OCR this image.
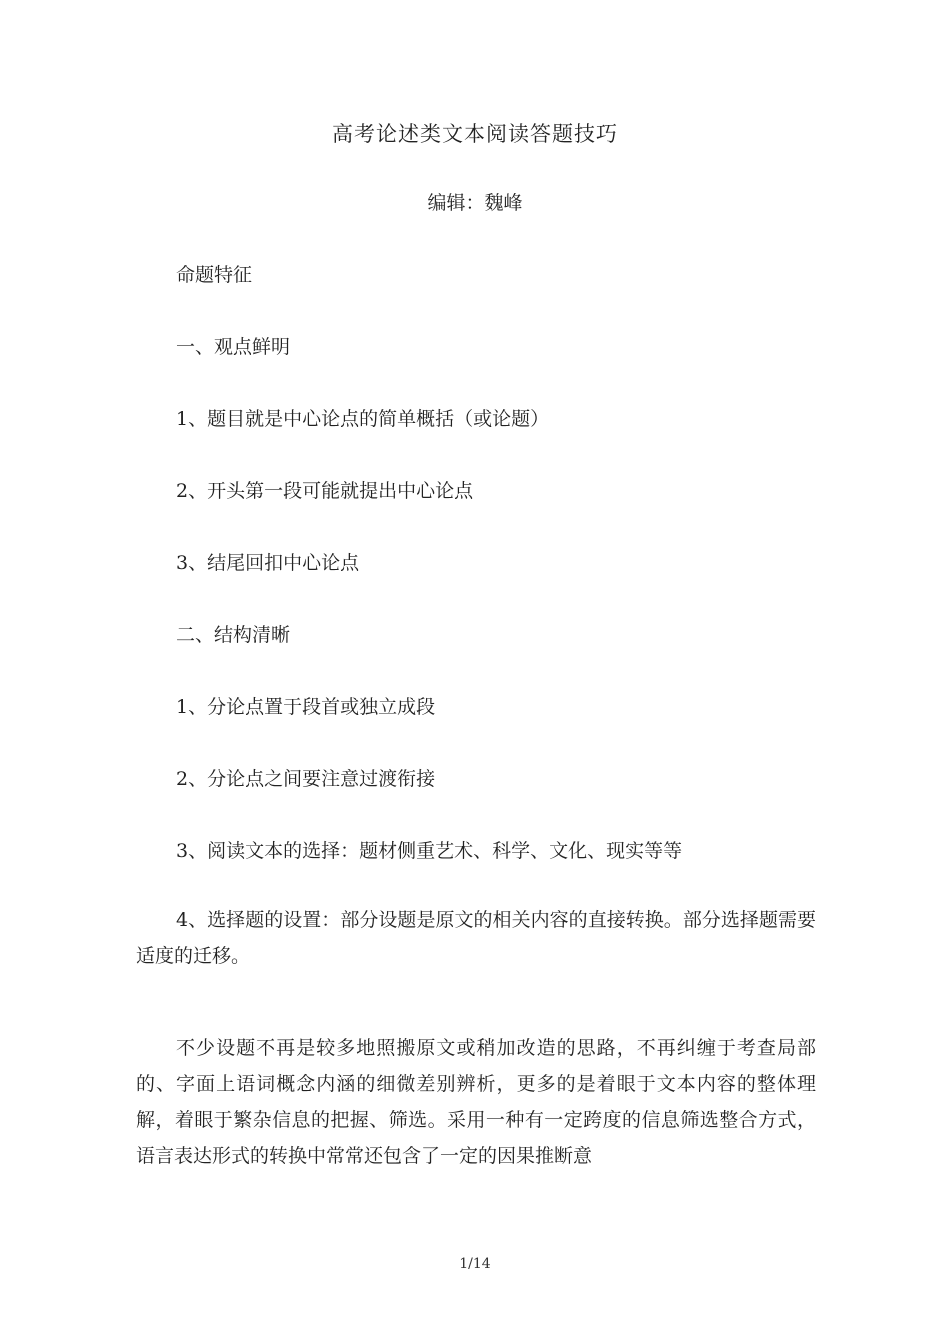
高考论述类文本阅读答题技巧
编辑：魏峰
命题特征
一、观点鲜明
1、题目就是中心论点的简单概括（或论题）
2、开头第一段可能就提出中心论点
3、结尾回扣中心论点
二、结构清晰
1、分论点置于段首或独立成段
2、分论点之间要注意过渡衔接
3、阅读文本的选择：题材侧重艺术、科学、文化、现实等等
4、选择题的设置：部分设题是原文的相关内容的直接转换。部分选择题需要适度的迁移。
不少设题不再是较多地照搬原文或稍加改造的思路，不再纠缠于考查局部的、字面上语词概念内涵的细微差别辨析，更多的是着眼于文本内容的整体理解，着眼于繁杂信息的把握、筛选。采用一种有一定跨度的信息筛选整合方式，语言表达形式的转换中常常还包含了一定的因果推断意
1/14
